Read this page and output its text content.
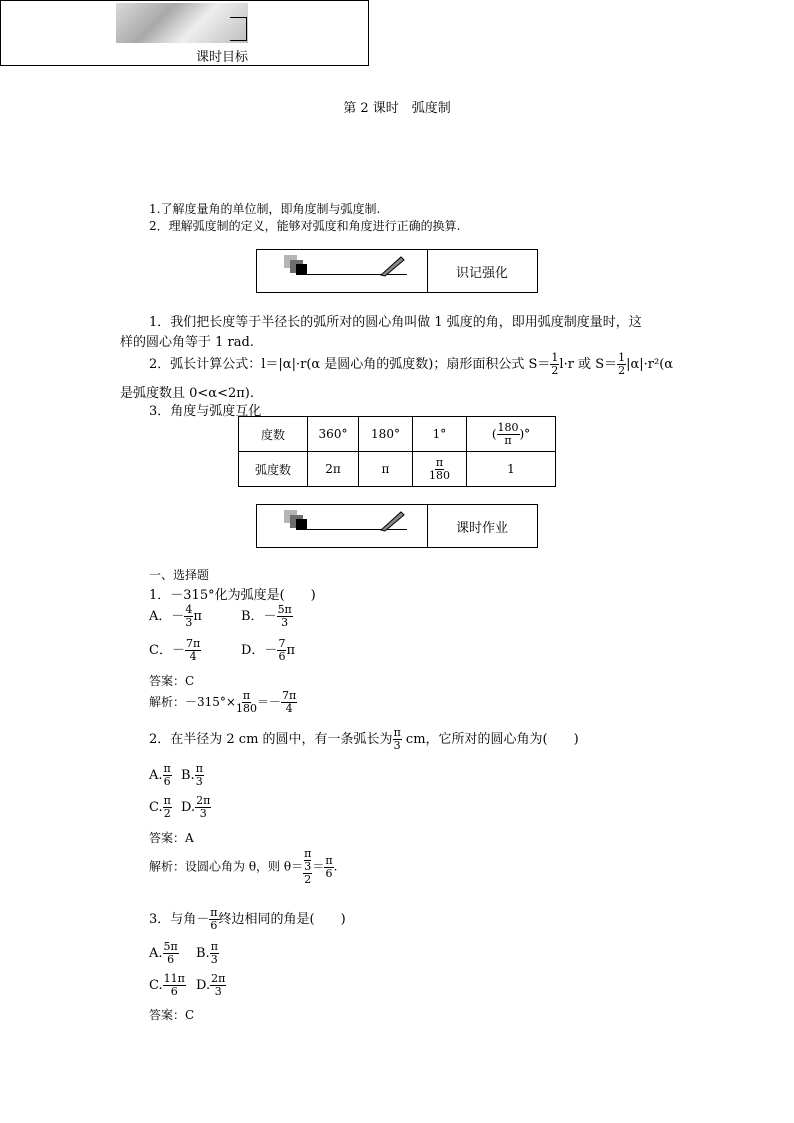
第 2 课时　弧度制
课时目标
1.了解度量角的单位制，即角度制与弧度制.
2．理解弧度制的定义，能够对弧度和角度进行正确的换算.
识记强化
1．我们把长度等于半径长的弧所对的圆心角叫做 1 弧度的角，即用弧度制度量时，这
样的圆心角等于 1 rad.
2．弧长计算公式：l＝|α|·r(α 是圆心角的弧度数)；扇形面积公式 $S= \frac{1}{2} l\cdot r$ 或 $S= \frac{1}{2} |\alpha|\cdot r^2(\alpha$
是弧度数且 0<α<2π).
3．角度与弧度互化
度数	360°	180°	1°	( $\frac{180}{\pi}$ )°
弧度数	2π	π	$\frac{\pi}{180}$	1
课时作业
一、选择题
1．－315°化为弧度是(　　)
A．－ $\frac{4}{3}$ π	B．－ $\frac{5\pi}{3}$
C．－ $\frac{7\pi}{4}$	D．－ $\frac{7}{6}$ π
答案：C
解析：$-315^\circ\times \frac{\pi}{180} =- \frac{7\pi}{4}$
2．在半径为 2 cm 的圆中，有一条弧长为 $\frac{\pi}{3}$ cm，它所对的圆心角为(　　)
A. $\frac{\pi}{6} B$. $\frac{\pi}{3}$
C. $\frac{\pi}{2} D$. $\frac{2\pi}{3}$
答案：A
解析：设圆心角为 θ，则 θ＝ π
3
$2 = \frac{\pi}{6}$ .
3．与角－ $\frac{\pi}{6}$ 终边相同的角是(　　)
A. $\frac{5\pi}{6} B$. $\frac{\pi}{3}$
C. $\frac{11\pi}{6} D$. $\frac{2\pi}{3}$
答案：C
